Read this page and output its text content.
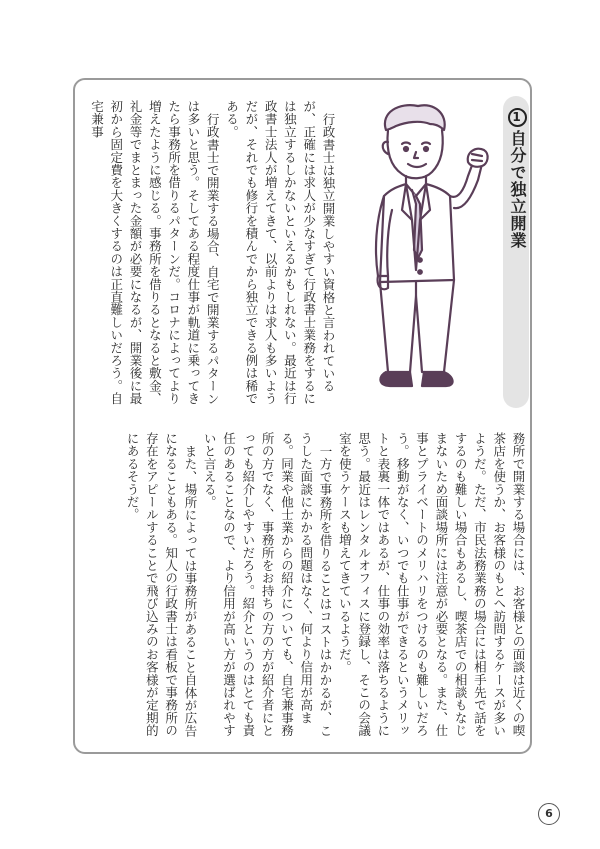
行政書士は独立開業しやすい資格と言われているが、正確には求人が少なすぎて行政書士業務をするには独立するしかないといえるかもしれない。最近は行政書士法人が増えてきて、以前よりは求人も多いようだが、それでも修行を積んでから独立できる例は稀である。

行政書士で開業する場合、自宅で開業するパターンは多いと思う。そしてある程度仕事が軌道に乗ってきたら事務所を借りるパターンだ。コロナによってより増えたように感じる。事務所を借りるとなると敷金、礼金等でまとまった金額が必要になるが、開業後に最初から固定費を大きくするのは正直難しいだろう。自宅兼事	1自分で独立開業

務所で開業する場合には、お客様との面談は近くの喫茶店を使うか、お客様のもとへ訪問するケースが多いようだ。ただ、市民法務業務の場合には相手先で話をするのも難しい場合もあるし、喫茶店での相談もなじまないため面談場所には注意が必要となる。また、仕事とプライベートのメリハリをつけるのも難しいだろう。移動がなく、いつでも仕事ができるというメリットと表裏一体ではあるが、仕事の効率は落ちるように思う。最近はレンタルオフィスに登録し、そこの会議室を使うケースも増えてきているようだ。

一方で事務所を借りることはコストはかかるが、こうした面談にかかる問題はなく、何より信用が高まる。同業や他士業からの紹介についても、自宅兼事務所の方でなく、事務所をお持ちの方の方が紹介者にとっても紹介しやすいだろう。紹介というのはとても責任のあることなので、より信用が高い方が選ばれやすいと言える。

また、場所によっては事務所があること自体が広告になることもある。知人の行政書士は看板で事務所の存在をアピールすることで飛び込みのお客様が定期的にあるそうだ。

6
